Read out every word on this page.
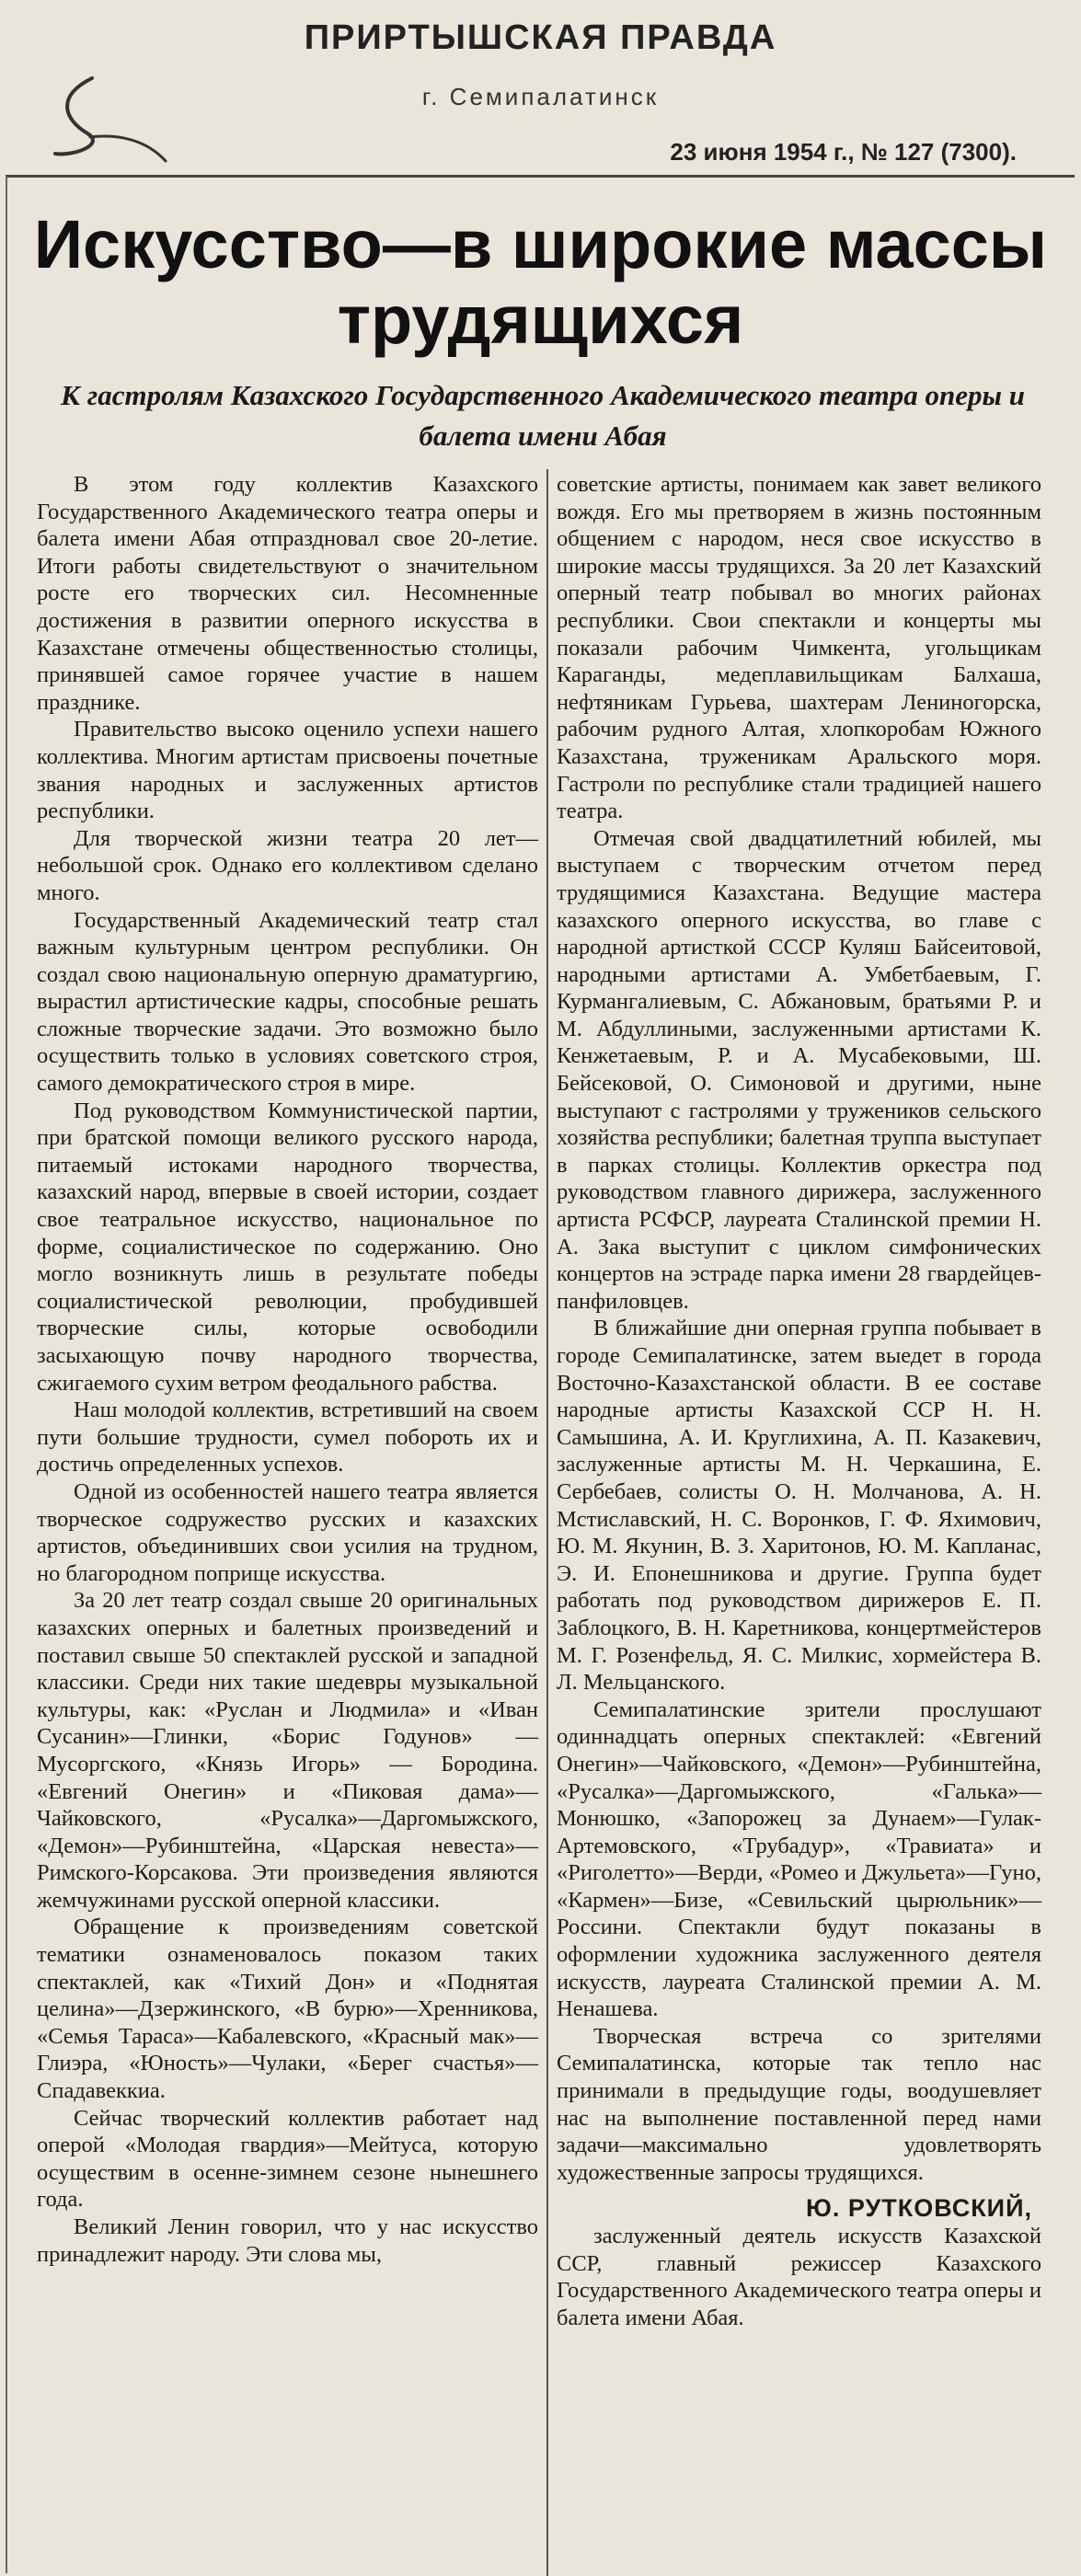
ПРИРТЫШСКАЯ ПРАВДА
г. Семипалатинск
23 июня 1954 г., № 127 (7300).
Искусство—в широкие массы трудящихся
К гастролям Казахского Государственного Академического театра оперы и балета имени Абая

В этом году коллектив Казахского Государственного Академического театра оперы и балета имени Абая отпраздновал свое 20-летие. Итоги работы свидетельствуют о значительном росте его творческих сил. Несомненные достижения в развитии оперного искусства в Казахстане отмечены общественностью столицы, принявшей самое горячее участие в нашем празднике.

Правительство высоко оценило успехи нашего коллектива. Многим артистам присвоены почетные звания народных и заслуженных артистов республики.

Для творческой жизни театра 20 лет—небольшой срок. Однако его коллективом сделано много.

Государственный Академический театр стал важным культурным центром республики. Он создал свою национальную оперную драматургию, вырастил артистические кадры, способные решать сложные творческие задачи. Это возможно было осуществить только в условиях советского строя, самого демократического строя в мире.

Под руководством Коммунистической партии, при братской помощи великого русского народа, питаемый истоками народного творчества, казахский народ, впервые в своей истории, создает свое театральное искусство, национальное по форме, социалистическое по содержанию. Оно могло возникнуть лишь в результате победы социалистической революции, пробудившей творческие силы, которые освободили засыхающую почву народного творчества, сжигаемого сухим ветром феодального рабства.

Наш молодой коллектив, встретивший на своем пути большие трудности, сумел побороть их и достичь определенных успехов.

Одной из особенностей нашего театра является творческое содружество русских и казахских артистов, объединивших свои усилия на трудном, но благородном поприще искусства.

За 20 лет театр создал свыше 20 оригинальных казахских оперных и балетных произведений и поставил свыше 50 спектаклей русской и западной классики. Среди них такие шедевры музыкальной культуры, как: «Руслан и Людмила» и «Иван Сусанин»—Глинки, «Борис Годунов» — Мусоргского, «Князь Игорь» — Бородина. «Евгений Онегин» и «Пиковая дама»—Чайковского, «Русалка»—Даргомыжского, «Демон»—Рубинштейна, «Царская невеста»—Римского-Корсакова. Эти произведения являются жемчужинами русской оперной классики.

Обращение к произведениям советской тематики ознаменовалось показом таких спектаклей, как «Тихий Дон» и «Поднятая целина»—Дзержинского, «В бурю»—Хренникова, «Семья Тараса»—Кабалевского, «Красный мак»—Глиэра, «Юность»—Чулаки, «Берег счастья»—Спадавеккиа.

Сейчас творческий коллектив работает над оперой «Молодая гвардия»—Мейтуса, которую осуществим в осенне-зимнем сезоне нынешнего года.

Великий Ленин говорил, что у нас искусство принадлежит народу. Эти слова мы,

советские артисты, понимаем как завет великого вождя. Его мы претворяем в жизнь постоянным общением с народом, неся свое искусство в широкие массы трудящихся. За 20 лет Казахский оперный театр побывал во многих районах республики. Свои спектакли и концерты мы показали рабочим Чимкента, угольщикам Караганды, медеплавильщикам Балхаша, нефтяникам Гурьева, шахтерам Лениногорска, рабочим рудного Алтая, хлопкоробам Южного Казахстана, труженикам Аральского моря. Гастроли по республике стали традицией нашего театра.

Отмечая свой двадцатилетний юбилей, мы выступаем с творческим отчетом перед трудящимися Казахстана. Ведущие мастера казахского оперного искусства, во главе с народной артисткой СССР Куляш Байсеитовой, народными артистами А. Умбетбаевым, Г. Курмангалиевым, С. Абжановым, братьями Р. и М. Абдуллиными, заслуженными артистами К. Кенжетаевым, Р. и А. Мусабековыми, Ш. Бейсековой, О. Симоновой и другими, ныне выступают с гастролями у тружеников сельского хозяйства республики; балетная труппа выступает в парках столицы. Коллектив оркестра под руководством главного дирижера, заслуженного артиста РСФСР, лауреата Сталинской премии Н. А. Зака выступит с циклом симфонических концертов на эстраде парка имени 28 гвардейцев-панфиловцев.

В ближайшие дни оперная группа побывает в городе Семипалатинске, затем выедет в города Восточно-Казахстанской области. В ее составе народные артисты Казахской ССР Н. Н. Самышина, А. И. Круглихина, А. П. Казакевич, заслуженные артисты М. Н. Черкашина, Е. Сербебаев, солисты О. Н. Молчанова, А. Н. Мстиславский, Н. С. Воронков, Г. Ф. Яхимович, Ю. М. Якунин, В. З. Харитонов, Ю. М. Капланас, Э. И. Епонешникова и другие. Группа будет работать под руководством дирижеров Е. П. Заблоцкого, В. Н. Каретникова, концертмейстеров М. Г. Розенфельд, Я. С. Милкис, хормейстера В. Л. Мельцанского.

Семипалатинские зрители прослушают одиннадцать оперных спектаклей: «Евгений Онегин»—Чайковского, «Демон»—Рубинштейна, «Русалка»—Даргомыжского, «Галька»—Монюшко, «Запорожец за Дунаем»—Гулак-Артемовского, «Трубадур», «Травиата» и «Риголетто»—Верди, «Ромео и Джульета»—Гуно, «Кармен»—Бизе, «Севильский цырюльник»—Россини. Спектакли будут показаны в оформлении художника заслуженного деятеля искусств, лауреата Сталинской премии А. М. Ненашева.

Творческая встреча со зрителями Семипалатинска, которые так тепло нас принимали в предыдущие годы, воодушевляет нас на выполнение поставленной перед нами задачи—максимально удовлетворять художественные запросы трудящихся.

Ю. РУТКОВСКИЙ,

заслуженный деятель искусств Казахской ССР, главный режиссер Казахского Государственного Академического театра оперы и балета имени Абая.
